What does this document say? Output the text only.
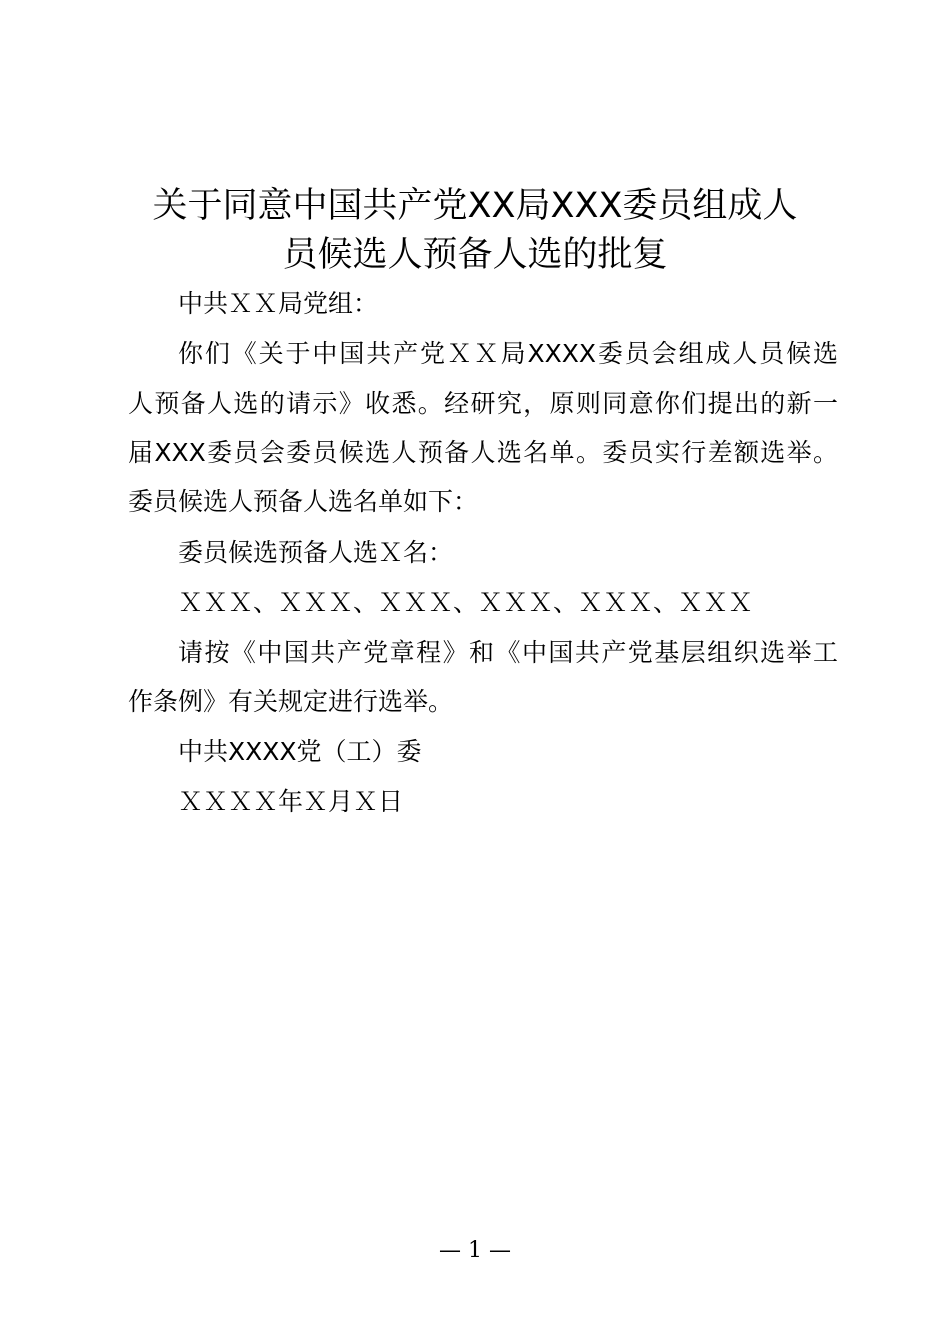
关于同意中国共产党XX局XXX委员组成人
员候选人预备人选的批复

中共ＸＸ局党组：

你们《关于中国共产党ＸＸ局XXXX委员会组成人员候选

人预备人选的请示》收悉。经研究，原则同意你们提出的新一

届XXX委员会委员候选人预备人选名单。委员实行差额选举。

委员候选人预备人选名单如下：

委员候选预备人选Ｘ名：

ＸＸＸ、ＸＸＸ、ＸＸＸ、ＸＸＸ、ＸＸＸ、ＸＸＸ

请按《中国共产党章程》和《中国共产党基层组织选举工

作条例》有关规定进行选举。

中共XXXX党（工）委

ＸＸＸＸ年Ｘ月Ｘ日

— 1 —
